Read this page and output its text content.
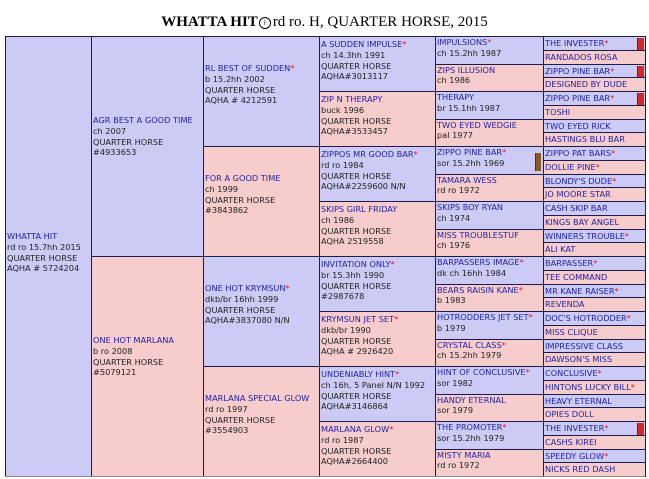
WHATTA HIT i rd ro. H, QUARTER HORSE, 2015
WHATTA HIT
rd ro 15.7hh 2015
QUARTER HORSE
AQHA # 5724204
AGR BEST A GOOD TIME
ch 2007
QUARTER HORSE
#4933653
ONE HOT MARLANA
b ro 2008
QUARTER HORSE
#5079121
RL BEST OF SUDDEN*
b 15.2hh 2002
QUARTER HORSE
AQHA # 4212591
FOR A GOOD TIME
ch 1999
QUARTER HORSE
#3843862
ONE HOT KRYMSUN*
dkb/br 16hh 1999
QUARTER HORSE
AQHA#3837080 N/N
MARLANA SPECIAL GLOW
rd ro 1997
QUARTER HORSE
#3554903
A SUDDEN IMPULSE*
ch 14.3hh 1991
QUARTER HORSE
AQHA#3013117
ZIP N THERAPY
buck 1996
QUARTER HORSE
AQHA#3533457
ZIPPOS MR GOOD BAR*
rd ro 1984
QUARTER HORSE
AQHA#2259600 N/N
SKIPS GIRL FRIDAY
ch 1986
QUARTER HORSE
AQHA 2519558
INVITATION ONLY*
br 15.3hh 1990
QUARTER HORSE
#2987678
KRYMSUN JET SET*
dkb/br 1990
QUARTER HORSE
AQHA # 2926420
UNDENIABLY HINT*
ch 16h, 5 Panel N/N 1992
QUARTER HORSE
AQHA#3146864
MARLANA GLOW*
rd ro 1987
QUARTER HORSE
AQHA#2664400
IMPULSIONS*
ch 15.2hh 1987
ZIPS ILLUSION
ch 1986
THERAPY
br 15.1hh 1987
TWO EYED WEDGIE
pal 1977
ZIPPO PINE BAR*
sor 15.2hh 1969
TAMARA WESS
rd ro 1972
SKIPS BOY RYAN
ch 1974
MISS TROUBLESTUF
ch 1976
BARPASSERS IMAGE*
dk ch 16hh 1984
BEARS RAISIN KANE*
b 1983
HOTRODDERS JET SET*
b 1979
CRYSTAL CLASS*
ch 15.2hh 1979
HINT OF CONCLUSIVE*
sor 1982
HANDY ETERNAL
sor 1979
THE PROMOTER*
sor 15.2hh 1979
MISTY MARIA
rd ro 1972
THE INVESTER*
RANDADOS ROSA
ZIPPO PINE BAR*
DESIGNED BY DUDE
ZIPPO PINE BAR*
TOSHI
TWO EYED RICK
HASTINGS BLU BAR
ZIPPO PAT BARS*
DOLLIE PINE*
BLONDY'S DUDE*
JO MOORE STAR
CASH SKIP BAR
KINGS BAY ANGEL
WINNERS TROUBLE*
ALI KAT
BARPASSER*
TEE COMMAND
MR KANE RAISER*
REVENDA
DOC'S HOTRODDER*
MISS CLIQUE
IMPRESSIVE CLASS
DAWSON'S MISS
CONCLUSIVE*
HINTONS LUCKY BILL*
HEAVY ETERNAL
OPIES DOLL
THE INVESTER*
CASHS KIREI
SPEEDY GLOW*
NICKS RED DASH
